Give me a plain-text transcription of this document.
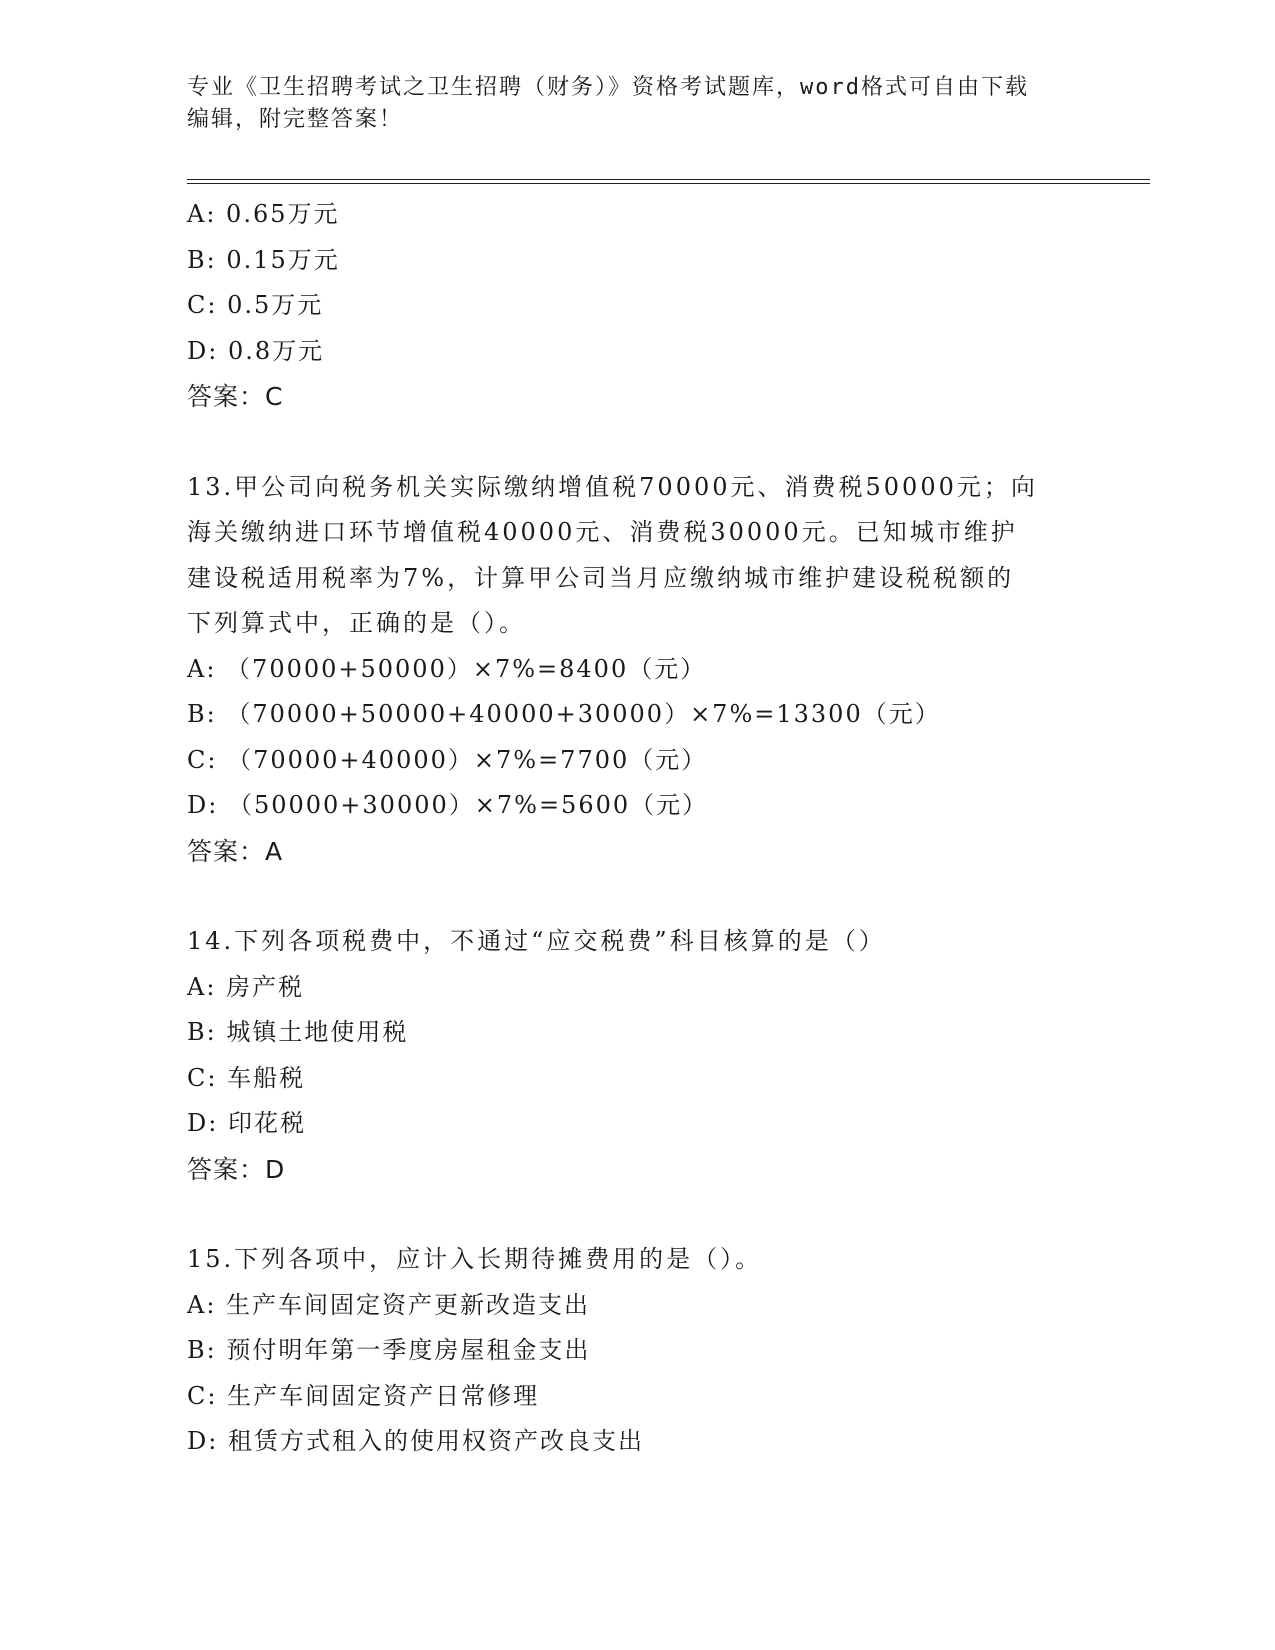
专业《卫生招聘考试之卫生招聘（财务）》资格考试题库，word格式可自由下载
编辑，附完整答案！
A: 0.65万元
B: 0.15万元
C: 0.5万元
D: 0.8万元
答案：C
13.甲公司向税务机关实际缴纳增值税70000元、消费税50000元；向
海关缴纳进口环节增值税40000元、消费税30000元。已知城市维护
建设税适用税率为7%，计算甲公司当月应缴纳城市维护建设税税额的
下列算式中，正确的是（）。
A: （70000+50000）×7%=8400（元）
B: （70000+50000+40000+30000）×7%=13300（元）
C: （70000+40000）×7%=7700（元）
D: （50000+30000）×7%=5600（元）
答案：A
14.下列各项税费中，不通过“应交税费”科目核算的是（）
A: 房产税
B: 城镇土地使用税
C: 车船税
D: 印花税
答案：D
15.下列各项中，应计入长期待摊费用的是（）。
A: 生产车间固定资产更新改造支出
B: 预付明年第一季度房屋租金支出
C: 生产车间固定资产日常修理
D: 租赁方式租入的使用权资产改良支出
